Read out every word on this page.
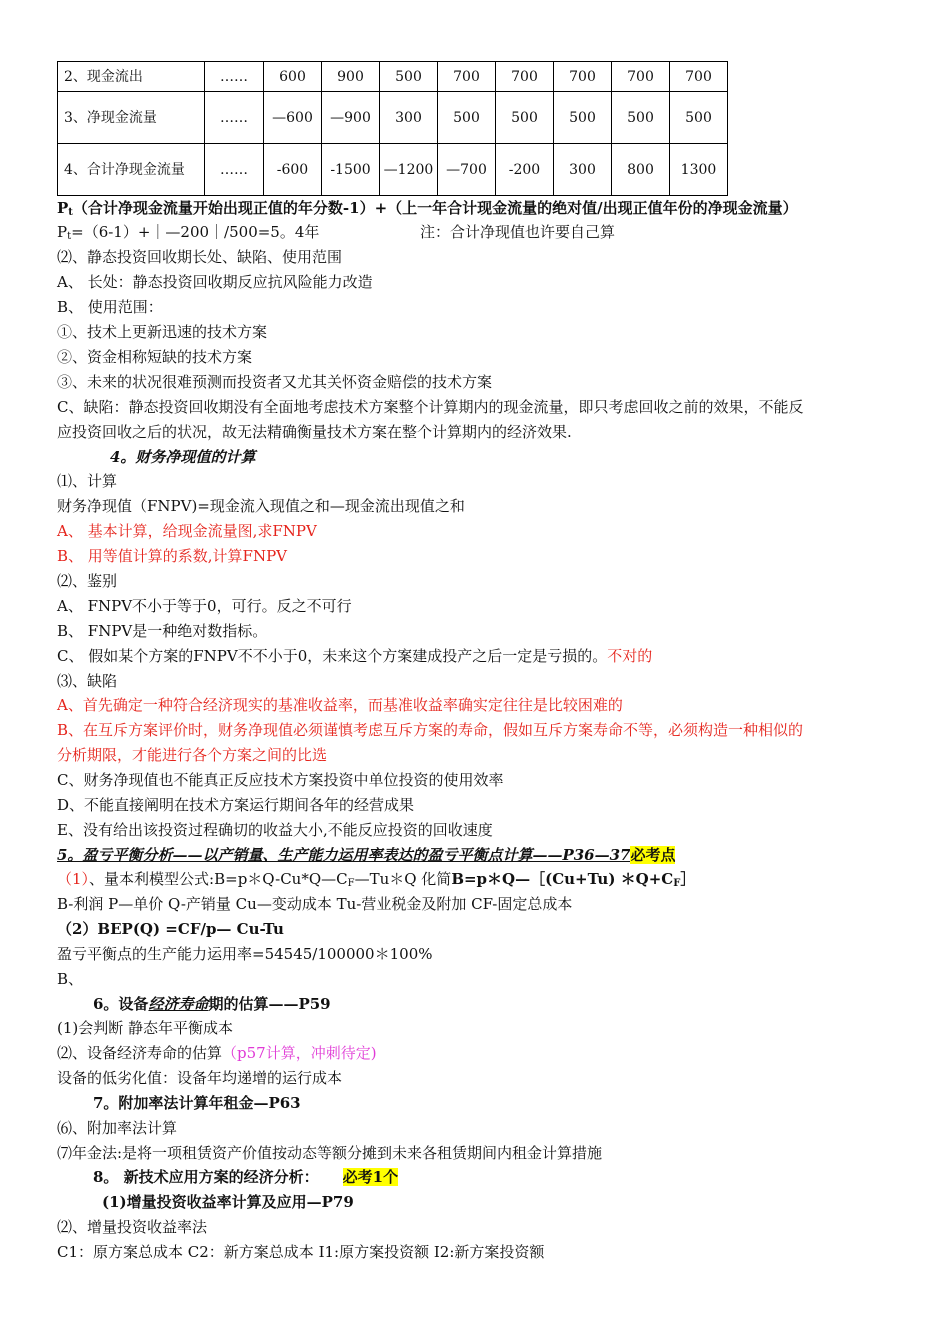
2、现金流出	……	600	900	500	700	700	700	700	700
3、净现金流量	……	—600	—900	300	500	500	500	500	500
4、合计净现金流量	……	-600	-1500	—1200	—700	-200	300	800	1300
$P_t$（合计净现金流量开始出现正值的年分数-1）+（上一年合计现金流量的绝对值/出现正值年份的净现金流量）
$P_t=(6-1)+|—200|/500=5$。4年	注：合计净现值也许要自己算
⑵、静态投资回收期长处、缺陷、使用范围
A、 长处：静态投资回收期反应抗风险能力改造
B、 使用范围：
①、技术上更新迅速的技术方案
②、资金相称短缺的技术方案
③、未来的状况很难预测而投资者又尤其关怀资金赔偿的技术方案
C、缺陷：静态投资回收期没有全面地考虑技术方案整个计算期内的现金流量，即只考虑回收之前的效果，不能反
应投资回收之后的状况，故无法精确衡量技术方案在整个计算期内的经济效果.
4。财务净现值的计算
⑴、计算
财务净现值（FNPV)=现金流入现值之和—现金流出现值之和
A、 基本计算，给现金流量图,求FNPV
B、 用等值计算的系数,计算FNPV
⑵、鉴别
A、 FNPV不小于等于0，可行。反之不可行
B、 FNPV是一种绝对数指标。
C、 假如某个方案的FNPV不不小于0，未来这个方案建成投产之后一定是亏损的。不对的
⑶、缺陷
A、首先确定一种符合经济现实的基准收益率，而基准收益率确实定往往是比较困难的
B、在互斥方案评价时，财务净现值必须谨慎考虑互斥方案的寿命，假如互斥方案寿命不等，必须构造一种相似的
分析期限，才能进行各个方案之间的比选
C、财务净现值也不能真正反应技术方案投资中单位投资的使用效率
D、不能直接阐明在技术方案运行期间各年的经营成果
E、没有给出该投资过程确切的收益大小,不能反应投资的回收速度
5。盈亏平衡分析——以产销量、生产能力运用率表达的盈亏平衡点计算——P36—37必考点
（1）、量本利模型公式$:B=p*Q-Cu*Q—C_F—Tu*Q$ 化简B=p＊Q—［(Cu+Tu) $*Q+C_F]$
B-利润 P—单价 Q-产销量 Cu—变动成本 Tu-营业税金及附加 CF-固定总成本
（2）BEP(Q) =CF/p— Cu-Tu
盈亏平衡点的生产能力运用率=54545/100000＊100%
B、
6。设备经济寿命期的估算——P59
(1)会判断 静态年平衡成本
⑵、设备经济寿命的估算（p57计算，冲刺待定)
设备的低劣化值：设备年均递增的运行成本
7。附加率法计算年租金—P63
⑹、附加率法计算
⑺年金法:是将一项租赁资产价值按动态等额分摊到未来各租赁期间内租金计算措施
8。 新技术应用方案的经济分析： 必考1个
(1)增量投资收益率计算及应用—P79
⑵、增量投资收益率法
C1：原方案总成本 C2：新方案总成本 I1:原方案投资额 I2:新方案投资额
